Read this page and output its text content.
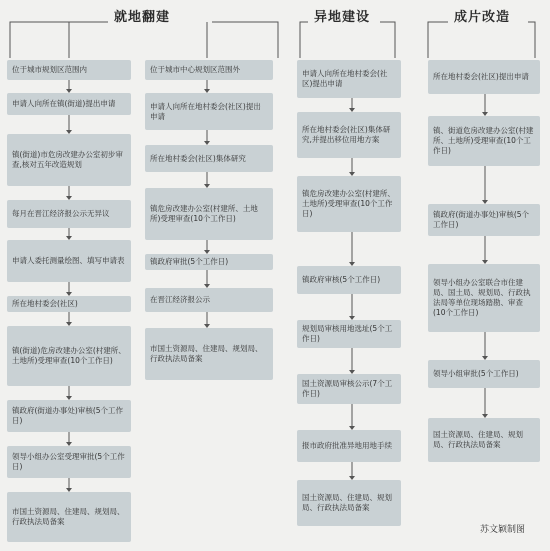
就地翻建	异地建设	成片改造
位于城市规划区范围内
申请人向所在镇(街道)提出申请
镇(街道)市危房改建办公室初步审查,核对五年改造规划
每月在晋江经济报公示无异议
申请人委托测量绘图、填写申请表
所在地村委会(社区)
镇(街道)危房改建办公室(村建所、土地所)受理审查(10个工作日)
镇政府(街道办事处)审核(5个工作日)
领导小组办公室受理审批(5个工作日)
市国土资源局、住建局、规划局、行政执法局备案
位于城市中心规划区范围外
申请人向所在地村委会(社区)提出申请
所在地村委会(社区)集体研究
镇危房改建办公室(村建所、土地所)受理审查(10个工作日)
镇政府审批(5个工作日)
在晋江经济报公示
市国土资源局、住建局、规划局、行政执法局备案
申请人向所在地村委会(社区)提出申请
所在地村委会(社区)集体研究,并提出移位用地方案
镇危房改建办公室(村建所、土地所)受理审查(10个工作日)
镇政府审核(5个工作日)
规划局审核用地选址(5个工作日)
国土资源局审核公示(7个工作日)
报市政府批准异地用地手续
国土资源局、住建局、规划局、行政执法局备案
所在地村委会(社区)提出申请
镇、街道危房改建办公室(村建所、土地所)受理审查(10个工作日)
镇政府(街道办事处)审核(5个工作日)
领导小组办公室联合市住建局、国土局、规划局、行政执法局等单位现场踏勘、审查(10个工作日)
领导小组审批(5个工作日)
国土资源局、住建局、规划局、行政执法局备案
苏文颖制图
